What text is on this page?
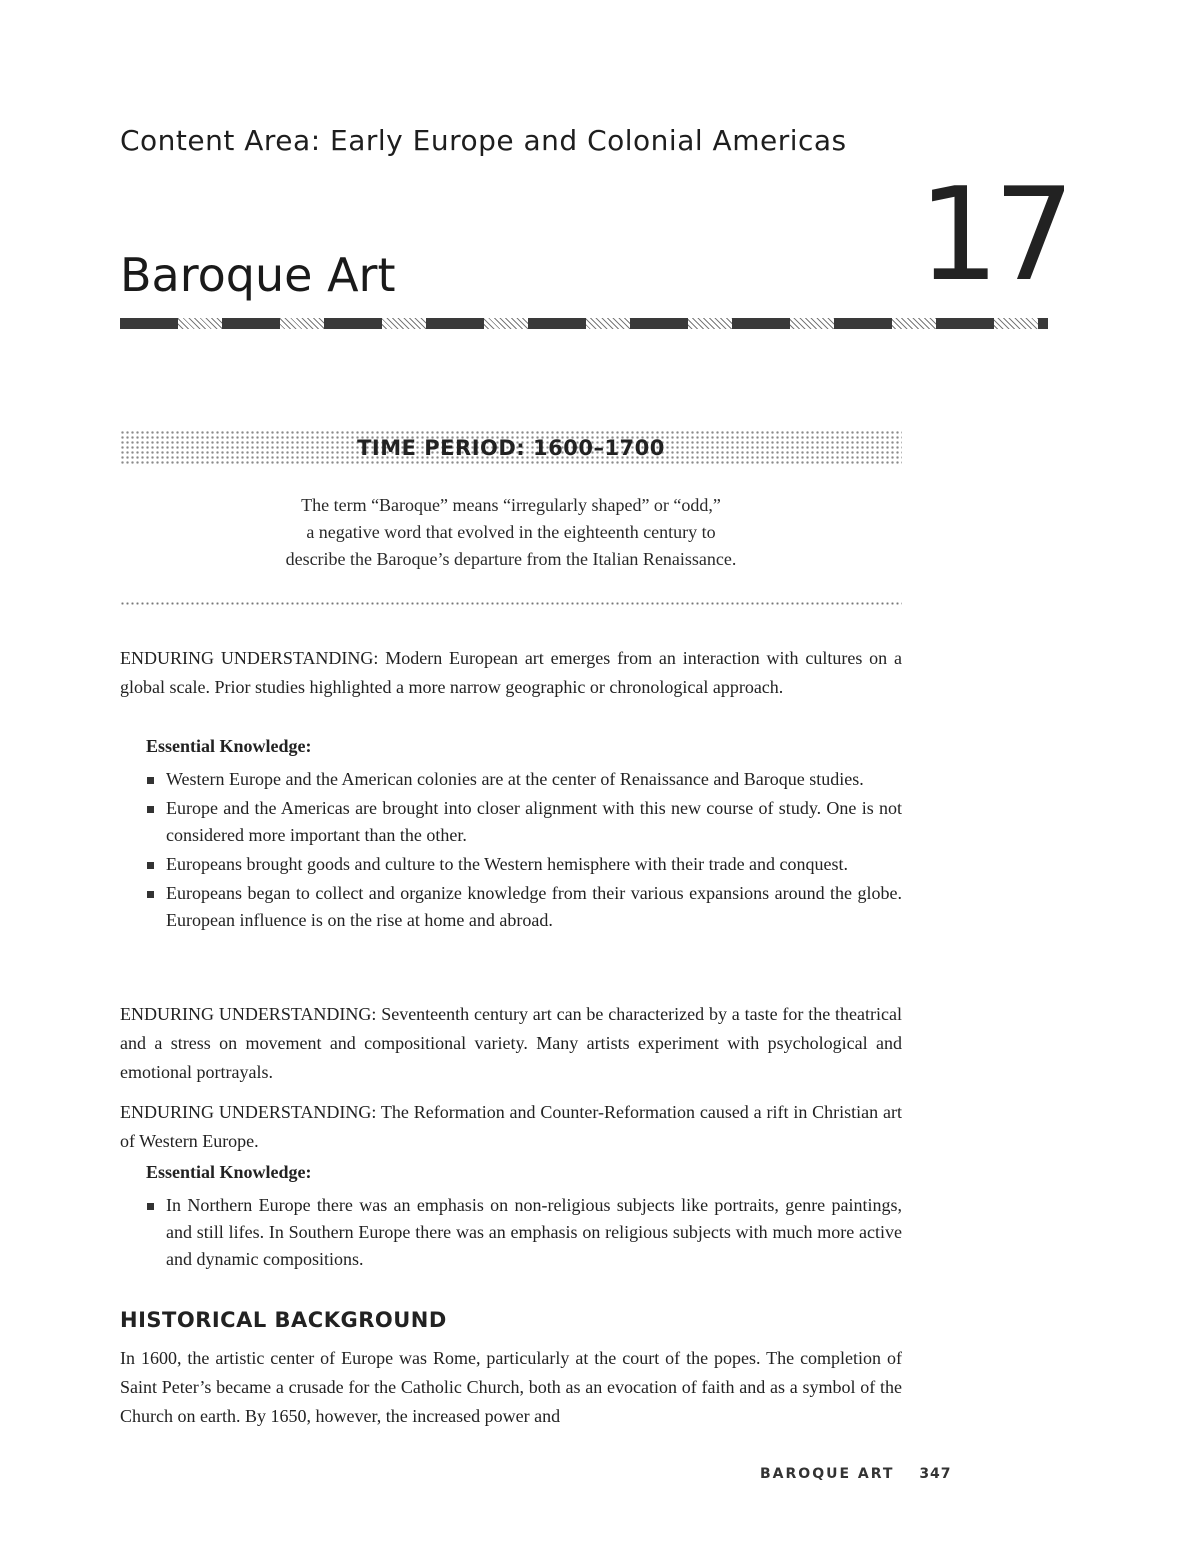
Content Area: Early Europe and Colonial Americas
Baroque Art	17
TIME PERIOD: 1600–1700
The term “Baroque” means “irregularly shaped” or “odd,”
a negative word that evolved in the eighteenth century to
describe the Baroque’s departure from the Italian Renaissance.

ENDURING UNDERSTANDING: Modern European art emerges from an interaction with cultures on a global scale. Prior studies highlighted a more narrow geographic or chronological approach.

Essential Knowledge:
Western Europe and the American colonies are at the center of Renaissance and Baroque studies.
Europe and the Americas are brought into closer alignment with this new course of study. One is not considered more important than the other.
Europeans brought goods and culture to the Western hemisphere with their trade and conquest.
Europeans began to collect and organize knowledge from their various expansions around the globe. European influence is on the rise at home and abroad.

ENDURING UNDERSTANDING: Seventeenth century art can be characterized by a taste for the theatrical and a stress on movement and compositional variety. Many artists experiment with psychological and emotional portrayals.

ENDURING UNDERSTANDING: The Reformation and Counter-Reformation caused a rift in Christian art of Western Europe.

Essential Knowledge:
In Northern Europe there was an emphasis on non-religious subjects like portraits, genre paintings, and still lifes. In Southern Europe there was an emphasis on religious subjects with much more active and dynamic compositions.
HISTORICAL BACKGROUND

In 1600, the artistic center of Europe was Rome, particularly at the court of the popes. The completion of Saint Peter’s became a crusade for the Catholic Church, both as an evocation of faith and as a symbol of the Church on earth. By 1650, however, the increased power and

BAROQUE ART 347
